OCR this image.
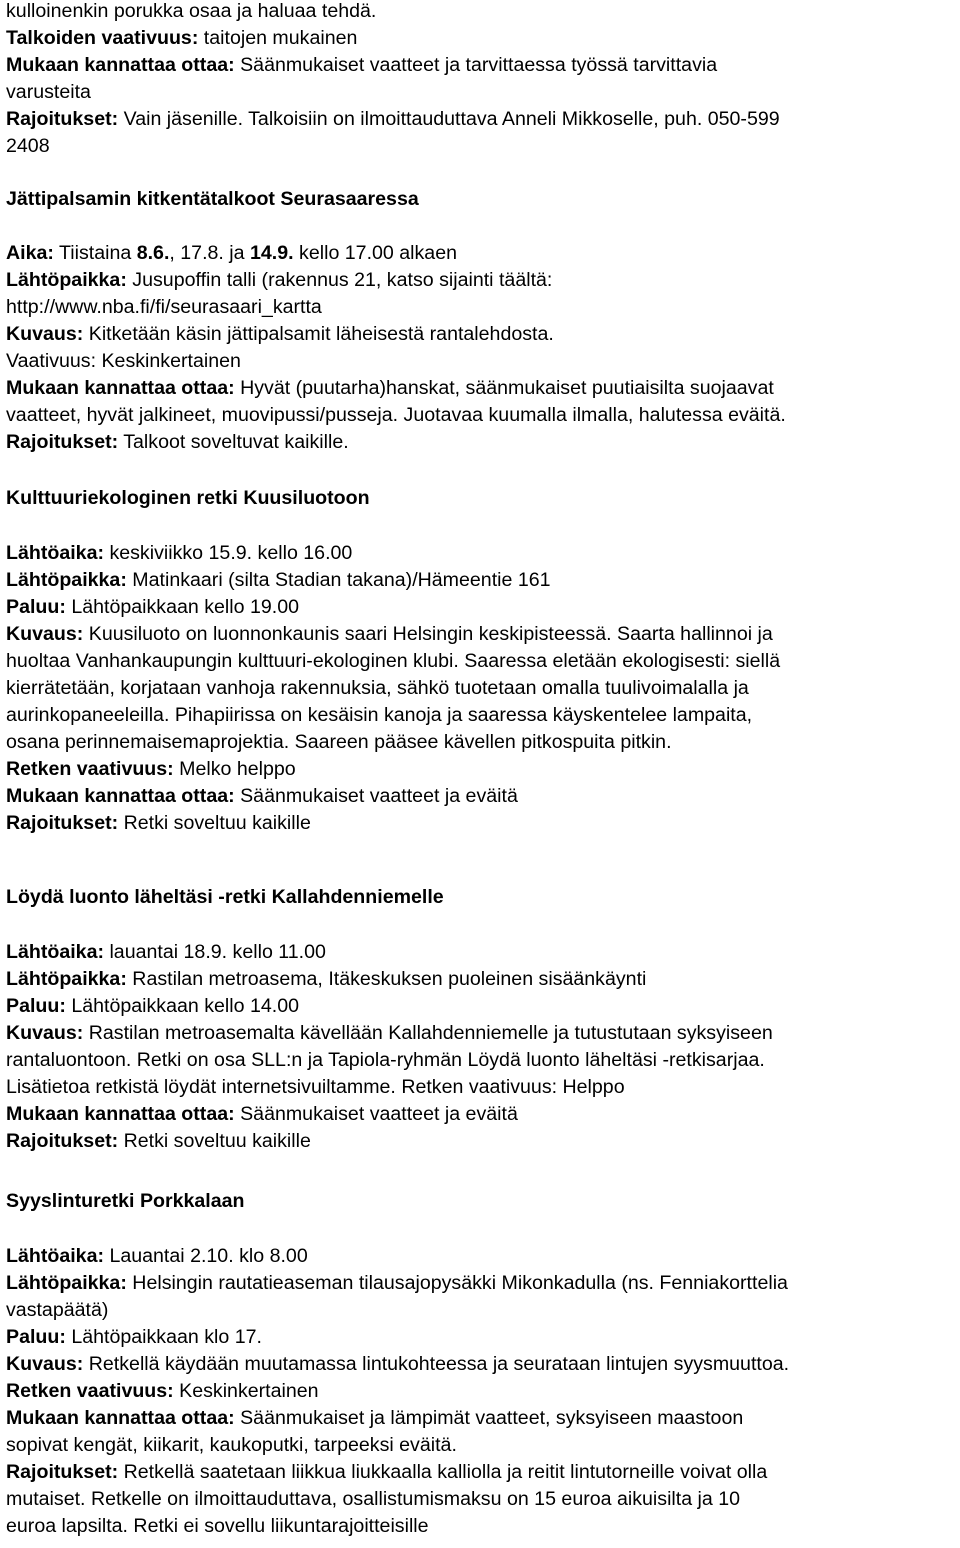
kulloinenkin porukka osaa ja haluaa tehdä.
Talkoiden vaativuus: taitojen mukainen
Mukaan kannattaa ottaa: Säänmukaiset vaatteet ja tarvittaessa työssä tarvittavia
varusteita
Rajoitukset: Vain jäsenille. Talkoisiin on ilmoittauduttava Anneli Mikkoselle, puh. 050-599
2408
Jättipalsamin kitkentätalkoot Seurasaaressa
Aika: Tiistaina 8.6., 17.8. ja 14.9. kello 17.00 alkaen
Lähtöpaikka: Jusupoffin talli (rakennus 21, katso sijainti täältä:
http://www.nba.fi/fi/seurasaari_kartta
Kuvaus: Kitketään käsin jättipalsamit läheisestä rantalehdosta.
Vaativuus: Keskinkertainen
Mukaan kannattaa ottaa: Hyvät (puutarha)hanskat, säänmukaiset puutiaisilta suojaavat
vaatteet, hyvät jalkineet, muovipussi/pusseja. Juotavaa kuumalla ilmalla, halutessa eväitä.
Rajoitukset: Talkoot soveltuvat kaikille.
Kulttuuriekologinen retki Kuusiluotoon
Lähtöaika: keskiviikko 15.9. kello 16.00
Lähtöpaikka: Matinkaari (silta Stadian takana)/Hämeentie 161
Paluu: Lähtöpaikkaan kello 19.00
Kuvaus: Kuusiluoto on luonnonkaunis saari Helsingin keskipisteessä. Saarta hallinnoi ja
huoltaa Vanhankaupungin kulttuuri-ekologinen klubi. Saaressa eletään ekologisesti: siellä
kierrätetään, korjataan vanhoja rakennuksia, sähkö tuotetaan omalla tuulivoimalalla ja
aurinkopaneeleilla. Pihapiirissa on kesäisin kanoja ja saaressa käyskentelee lampaita,
osana perinnemaisemaprojektia. Saareen pääsee kävellen pitkospuita pitkin.
Retken vaativuus: Melko helppo
Mukaan kannattaa ottaa: Säänmukaiset vaatteet ja eväitä
Rajoitukset: Retki soveltuu kaikille
Löydä luonto läheltäsi -retki Kallahdenniemelle
Lähtöaika: lauantai 18.9. kello 11.00
Lähtöpaikka: Rastilan metroasema, Itäkeskuksen puoleinen sisäänkäynti
Paluu: Lähtöpaikkaan kello 14.00
Kuvaus: Rastilan metroasemalta kävellään Kallahdenniemelle ja tutustutaan syksyiseen
rantaluontoon. Retki on osa SLL:n ja Tapiola-ryhmän Löydä luonto läheltäsi -retkisarjaa.
Lisätietoa retkistä löydät internetsivuiltamme. Retken vaativuus: Helppo
Mukaan kannattaa ottaa: Säänmukaiset vaatteet ja eväitä
Rajoitukset: Retki soveltuu kaikille
Syyslinturetki Porkkalaan
Lähtöaika: Lauantai 2.10. klo 8.00
Lähtöpaikka: Helsingin rautatieaseman tilausajopysäkki Mikonkadulla (ns. Fenniakorttelia
vastapäätä)
Paluu: Lähtöpaikkaan klo 17.
Kuvaus: Retkellä käydään muutamassa lintukohteessa ja seurataan lintujen syysmuuttoa.
Retken vaativuus: Keskinkertainen
Mukaan kannattaa ottaa: Säänmukaiset ja lämpimät vaatteet, syksyiseen maastoon
sopivat kengät, kiikarit, kaukoputki, tarpeeksi eväitä.
Rajoitukset: Retkellä saatetaan liikkua liukkaalla kalliolla ja reitit lintutorneille voivat olla
mutaiset. Retkelle on ilmoittauduttava, osallistumismaksu on 15 euroa aikuisilta ja 10
euroa lapsilta. Retki ei sovellu liikuntarajoitteisille
